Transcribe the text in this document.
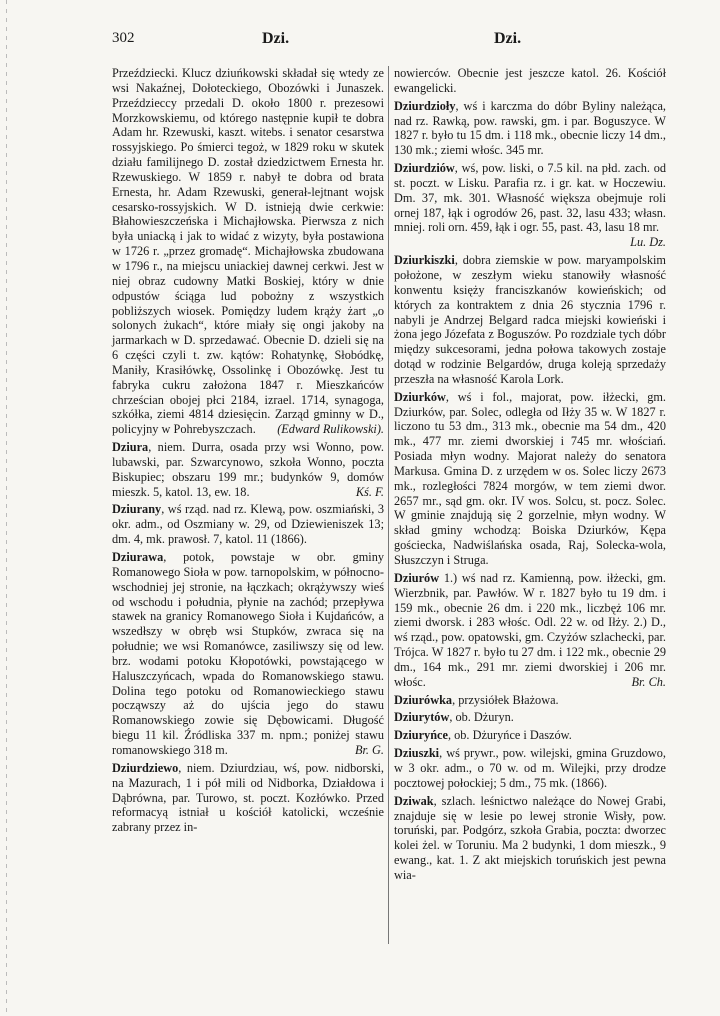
302	Dzi.	Dzi.

Przeździecki. Klucz dziuńkowski składał się wtedy ze wsi Nakaźnej, Dołoteckiego, Obozówki i Junaszek. Przeździeccy przedali D. około 1800 r. prezesowi Morzkowskiemu, od którego następnie kupił te dobra Adam hr. Rzewuski, kaszt. witebs. i senator cesarstwa rossyjskiego. Po śmierci tegoż, w 1829 roku w skutek działu familijnego D. został dziedzictwem Ernesta hr. Rzewuskiego. W 1859 r. nabył te dobra od brata Ernesta, hr. Adam Rzewuski, generał-lejtnant wojsk cesarsko-rossyjskich. W D. istnieją dwie cerkwie: Błahowieszczeńska i Michajłowska. Pierwsza z nich była uniacką i jak to widać z wizyty, była postawiona w 1726 r. „przez gromadę“. Michajłowska zbudowana w 1796 r., na miejscu uniackiej dawnej cerkwi. Jest w niej obraz cudowny Matki Boskiej, który w dnie odpustów ściąga lud pobożny z wszystkich pobliższych wiosek. Pomiędzy ludem krąży żart „o solonych żukach“, które miały się ongi jakoby na jarmarkach w D. sprzedawać. Obecnie D. dzieli się na 6 części czyli t. zw. kątów: Rohatynkę, Słobódkę, Maniły, Krasiłówkę, Ossolinkę i Obozówkę. Jest tu fabryka cukru założona 1847 r. Mieszkańców chrześcian obojej płci 2184, izrael. 1714, synagoga, szkółka, ziemi 4814 dziesięcin. Zarząd gminny w D., policyjny w Pohrebyszczach. (Edward Rulikowski).

Dziura, niem. Durra, osada przy wsi Wonno, pow. lubawski, par. Szwarcynowo, szkoła Wonno, poczta Biskupiec; obszaru 199 mr.; budynków 9, domów mieszk. 5, katol. 13, ew. 18.	Kś. F.

Dziurany, wś rząd. nad rz. Klewą, pow. oszmiański, 3 okr. adm., od Oszmiany w. 29, od Dziewieniszek 13; dm. 4, mk. prawosł. 7, katol. 11 (1866).

Dziurawa, potok, powstaje w obr. gminy Romanowego Sioła w pow. tarnopolskim, w północno-wschodniej jej stronie, na łączkach; okrążywszy wieś od wschodu i południa, płynie na zachód; przepływa stawek na granicy Romanowego Sioła i Kujdańców, a wszedłszy w obręb wsi Stupków, zwraca się na południe; we wsi Romanówce, zasiliwszy się od lew. brz. wodami potoku Kłopotówki, powstającego w Haluszczyńcach, wpada do Romanowskiego stawu. Dolina tego potoku od Romanowieckiego stawu począwszy aż do ujścia jego do stawu Romanowskiego zowie się Dębowicami. Długość biegu 11 kil. Źródliska 337 m. npm.; poniżej stawu romanowskiego 318 m.	Br. G.

Dziurdziewo, niem. Dziurdziau, wś, pow. nidborski, na Mazurach, 1 i pół mili od Nidborka, Działdowa i Dąbrówna, par. Turowo, st. poczt. Kozłówko. Przed reformacyą istniał u kościół katolicki, wcześnie zabrany przez in-

nowierców. Obecnie jest jeszcze katol. 26. Kościół ewangelicki.

Dziurdzioły, wś i karczma do dóbr Byliny należąca, nad rz. Rawką, pow. rawski, gm. i par. Boguszyce. W 1827 r. było tu 15 dm. i 118 mk., obecnie liczy 14 dm., 130 mk.; ziemi włośc. 345 mr.

Dziurdziów, wś, pow. liski, o 7.5 kil. na płd. zach. od st. poczt. w Lisku. Parafia rz. i gr. kat. w Hoczewiu. Dm. 37, mk. 301. Własność większa obejmuje roli ornej 187, łąk i ogrodów 26, past. 32, lasu 433; własn. mniej. roli orn. 459, łąk i ogr. 55, past. 43, lasu 18 mr.
Lu. Dz.

Dziurkiszki, dobra ziemskie w pow. maryampolskim położone, w zeszłym wieku stanowiły własność konwentu księży franciszkanów kowieńskich; od których za kontraktem z dnia 26 stycznia 1796 r. nabyli je Andrzej Belgard radca miejski kowieński i żona jego Józefata z Boguszów. Po rozdziale tych dóbr między sukcesorami, jedna połowa takowych zostaje dotąd w rodzinie Belgardów, druga koleją sprzedaży przeszła na własność Karola Lork.

Dziurków, wś i fol., majorat, pow. iłżecki, gm. Dziurków, par. Solec, odległa od Iłży 35 w. W 1827 r. liczono tu 53 dm., 313 mk., obecnie ma 54 dm., 420 mk., 477 mr. ziemi dworskiej i 745 mr. włościań. Posiada młyn wodny. Majorat należy do senatora Markusa. Gmina D. z urzędem w os. Solec liczy 2673 mk., rozległości 7824 morgów, w tem ziemi dwor. 2657 mr., sąd gm. okr. IV wos. Solcu, st. pocz. Solec. W gminie znajdują się 2 gorzelnie, młyn wodny. W skład gminy wchodzą: Boiska Dziurków, Kępa gościecka, Nadwiślańska osada, Raj, Solecka-wola, Słuszczyn i Struga.

Dziurów 1.) wś nad rz. Kamienną, pow. iłżecki, gm. Wierzbnik, par. Pawłów. W r. 1827 było tu 19 dm. i 159 mk., obecnie 26 dm. i 220 mk., liczbęż 106 mr. ziemi dworsk. i 283 włośc. Odl. 22 w. od Iłży. 2.) D., wś rząd., pow. opatowski, gm. Czyżów szlachecki, par. Trójca. W 1827 r. było tu 27 dm. i 122 mk., obecnie 29 dm., 164 mk., 291 mr. ziemi dworskiej i 206 mr. włośc.	Br. Ch.

Dziurówka, przysiółek Błażowa.

Dziurytów, ob. Dżuryn.

Dziuryńce, ob. Dżuryńce i Daszów.

Dziuszki, wś prywr., pow. wilejski, gmina Gruzdowo, w 3 okr. adm., o 70 w. od m. Wilejki, przy drodze pocztowej połockiej; 5 dm., 75 mk. (1866).

Dziwak, szlach. leśnictwo należące do Nowej Grabi, znajduje się w lesie po lewej stronie Wisły, pow. toruński, par. Podgórz, szkoła Grabia, poczta: dworzec kolei żel. w Toruniu. Ma 2 budynki, 1 dom mieszk., 9 ewang., kat. 1. Z akt miejskich toruńskich jest pewna wia-
